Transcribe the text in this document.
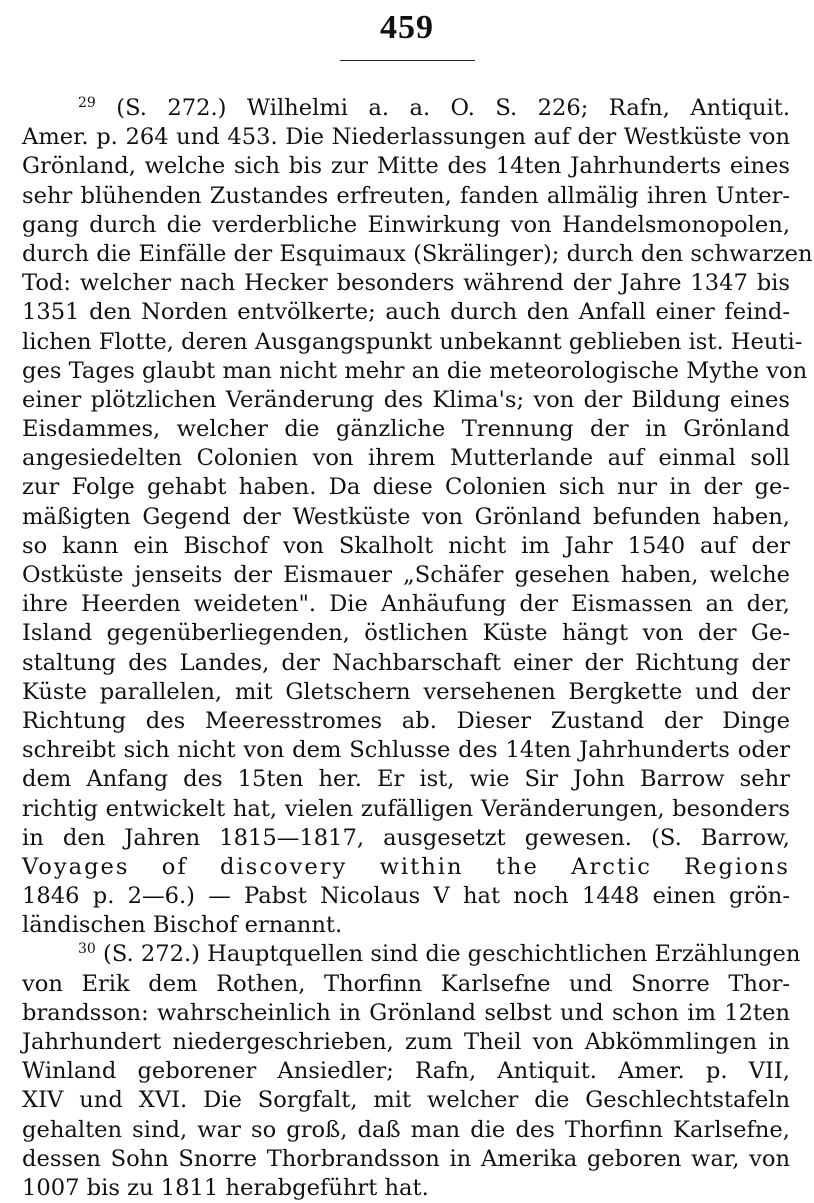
459
$^{29}$ (S. 272.) Wilhelmi a. a. O. S. 226; Rafn, Antiquit.
Amer. p. 264 und 453. Die Niederlassungen auf der Westküste von
Grönland, welche sich bis zur Mitte des 14ten Jahrhunderts eines
sehr blühenden Zustandes erfreuten, fanden allmälig ihren Unter-
gang durch die verderbliche Einwirkung von Handelsmonopolen,
durch die Einfälle der Esquimaux (Skrälinger); durch den schwarzen
Tod: welcher nach Hecker besonders während der Jahre 1347 bis
1351 den Norden entvölkerte; auch durch den Anfall einer feind-
lichen Flotte, deren Ausgangspunkt unbekannt geblieben ist. Heuti-
ges Tages glaubt man nicht mehr an die meteorologische Mythe von
einer plötzlichen Veränderung des Klima's; von der Bildung eines
Eisdammes, welcher die gänzliche Trennung der in Grönland
angesiedelten Colonien von ihrem Mutterlande auf einmal soll
zur Folge gehabt haben. Da diese Colonien sich nur in der ge-
mäßigten Gegend der Westküste von Grönland befunden haben,
so kann ein Bischof von Skalholt nicht im Jahr 1540 auf der
Ostküste jenseits der Eismauer „Schäfer gesehen haben, welche
ihre Heerden weideten". Die Anhäufung der Eismassen an der,
Island gegenüberliegenden, östlichen Küste hängt von der Ge-
staltung des Landes, der Nachbarschaft einer der Richtung der
Küste parallelen, mit Gletschern versehenen Bergkette und der
Richtung des Meeresstromes ab. Dieser Zustand der Dinge
schreibt sich nicht von dem Schlusse des 14ten Jahrhunderts oder
dem Anfang des 15ten her. Er ist, wie Sir John Barrow sehr
richtig entwickelt hat, vielen zufälligen Veränderungen, besonders
in den Jahren 1815—1817, ausgesetzt gewesen. (S. Barrow,
Voyages of discovery within the Arctic Regions
1846 p. 2—6.) — Pabst Nicolaus V hat noch 1448 einen grön-
ländischen Bischof ernannt.
$^{30}$ (S. 272.) Hauptquellen sind die geschichtlichen Erzählungen
von Erik dem Rothen, Thorfinn Karlsefne und Snorre Thor-
brandsson: wahrscheinlich in Grönland selbst und schon im 12ten
Jahrhundert niedergeschrieben, zum Theil von Abkömmlingen in
Winland geborener Ansiedler; Rafn, Antiquit. Amer. p. VII,
XIV und XVI. Die Sorgfalt, mit welcher die Geschlechtstafeln
gehalten sind, war so groß, daß man die des Thorfinn Karlsefne,
dessen Sohn Snorre Thorbrandsson in Amerika geboren war, von
1007 bis zu 1811 herabgeführt hat.
